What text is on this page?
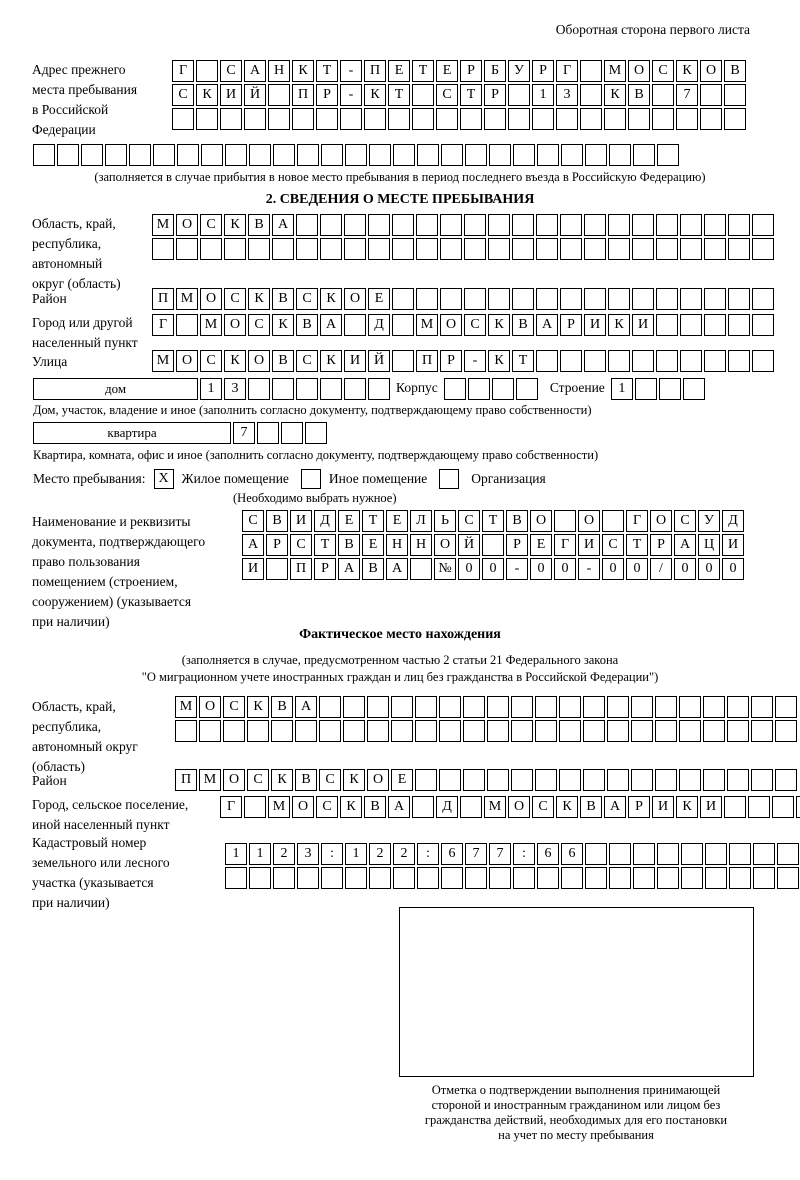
Оборотная сторона первого листа
Адрес прежнего
места пребывания
в Российской
Федерации
Г	С	А Н	К	Т	-	П	Е	Т	Е	Р	Б	У	Р	Г	М О	С	К	О	В
С	К	И Й	П	Р	-	К	Т	С	Т	Р	1	3	К	В	7
(заполняется в случае прибытия в новое место пребывания в период последнего въезда в Российскую Федерацию)
2. СВЕДЕНИЯ О МЕСТЕ ПРЕБЫВАНИЯ
Область, край,
республика,
автономный
округ (область)
М О	С	К	В	А
Район	П М О	С	К	В	С	К	О	Е
Город или другой
населенный пункт
Г	М О	С	К	В	А	Д	М О	С	К	В	А	Р	И	К	И
Улица	М О	С	К	О	В	С	К	И Й	П	Р	-	К	Т
дом	1	3	Корпус	Строение 1
Дом, участок, владение и иное (заполнить согласно документу, подтверждающему право собственности)
квартира	7
Квартира, комната, офис и иное (заполнить согласно документу, подтверждающему право собственности)
Место пребывания: X Жилое помещение	Иное помещение	Организация
(Необходимо выбрать нужное)
Наименование и реквизиты
документа, подтверждающего
право пользования
помещением (строением,
сооружением) (указывается
при наличии)
С	В	И	Д	Е	Т	Е	Л	Ь	С	Т	В	О	О	Г	О	С	У	Д
А	Р	С	Т	В	Е	Н Н О Й	Р	Е	Г	И	С	Т	Р	А Ц И
И	П	Р	А	В	А	№ 0	0	-	0	0	-	0	0	/	0	0	0
Фактическое место нахождения
(заполняется в случае, предусмотренном частью 2 статьи 21 Федерального закона
"О миграционном учете иностранных граждан и лиц без гражданства в Российской Федерации")
Область, край,
республика,
автономный округ
(область)
М О	С	К	В	А
Район	П М О	С	К	В	С	К	О	Е
Город, сельское поселение,
иной населенный пункт
Г	М О	С	К	В	А	Д	М О	С	К	В	А	Р	И	К	И
Кадастровый номер
земельного или лесного
участка (указывается
при наличии)
1	1	2	3	:	1	2	2	:	6	7	7	:	6	6
Отметка о подтверждении выполнения принимающей
стороной и иностранным гражданином или лицом без
гражданства действий, необходимых для его постановки
на учет по месту пребывания
